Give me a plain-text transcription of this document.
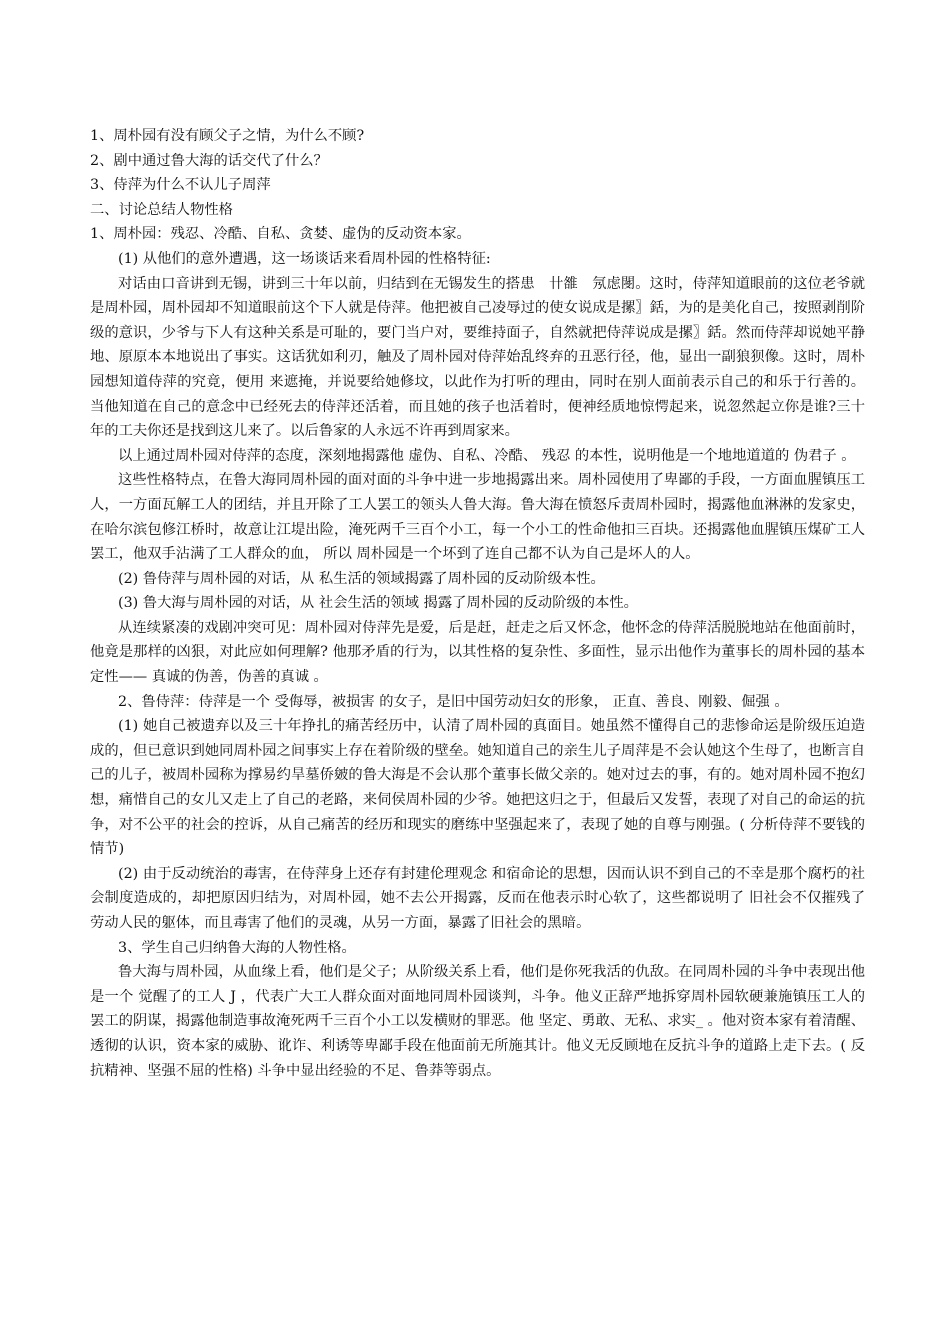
1、周朴园有没有顾父子之情，为什么不顾?
2、剧中通过鲁大海的话交代了什么？
3、侍萍为什么不认儿子周萍
二、讨论总结人物性格
1、周朴园：残忍、冷酷、自私、贪婪、虚伪的反动资本家。
(1) 从他们的意外遭遇，这一场谈话来看周朴园的性格特征:
对话由口音讲到无锡，讲到三十年以前，归结到在无锡发生的搭患　卄雒　氖虑閿。这时，侍萍知道眼前的这位老爷就是周朴园，周朴园却不知道眼前这个下人就是侍萍。他把被自己凌辱过的使女说成是摞〗銛，为的是美化自己，按照剥削阶级的意识，少爷与下人有这种关系是可耻的，要门当户对，要维持面子，自然就把侍萍说成是摞〗銛。然而侍萍却说她平静地、原原本本地说出了事实。这话犹如利刃，触及了周朴园对侍萍始乱终弃的丑恶行径，他，显出一副狼狈像。这时，周朴园想知道侍萍的究竟，便用 来遮掩，并说要给她修坟，以此作为打听的理由，同时在别人面前表示自己的和乐于行善的。当他知道在自己的意念中已经死去的侍萍还活着，而且她的孩子也活着时，便神经质地惊愕起来，说忽然起立你是谁?三十年的工夫你还是找到这儿来了。以后鲁家的人永远不许再到周家来。
以上通过周朴园对侍萍的态度，深刻地揭露他 虚伪、自私、冷酷、 残忍 的本性，说明他是一个地地道道的 伪君子 。
这些性格特点，在鲁大海同周朴园的面对面的斗争中进一步地揭露出来。周朴园使用了卑鄙的手段，一方面血腥镇压工人，一方面瓦解工人的团结，并且开除了工人罢工的领头人鲁大海。鲁大海在愤怒斥责周朴园时，揭露他血淋淋的发家史，在哈尔滨包修江桥时，故意让江堤出险，淹死两千三百个小工，每一个小工的性命他扣三百块。还揭露他血腥镇压煤矿工人罢工，他双手沾满了工人群众的血， 所以 周朴园是一个坏到了连自己都不认为自己是坏人的人。
(2) 鲁侍萍与周朴园的对话，从 私生活的领域揭露了周朴园的反动阶级本性。
(3) 鲁大海与周朴园的对话，从 社会生活的领域 揭露了周朴园的反动阶级的本性。
从连续紧凑的戏剧冲突可见：周朴园对侍萍先是爱，后是赶，赶走之后又怀念，他怀念的侍萍活脱脱地站在他面前时，他竟是那样的凶狠，对此应如何理解? 他那矛盾的行为，以其性格的复杂性、多面性，显示出他作为董事长的周朴园的基本定性—— 真诚的伪善，伪善的真诚 。
2、鲁侍萍：侍萍是一个 受侮辱，被损害 的女子，是旧中国劳动妇女的形象， 正直、善良、刚毅、倔强 。
(1) 她自己被遗弃以及三十年挣扎的痛苦经历中，认清了周朴园的真面目。她虽然不懂得自己的悲惨命运是阶级压迫造成的，但已意识到她同周朴园之间事实上存在着阶级的壁垒。她知道自己的亲生儿子周萍是不会认她这个生母了，也断言自己的儿子，被周朴园称为撑易约旱墓侨皴的鲁大海是不会认那个董事长做父亲的。她对过去的事，有的。她对周朴园不抱幻想，痛惜自己的女儿又走上了自己的老路，来伺侯周朴园的少爷。她把这归之于，但最后又发誓，表现了对自己的命运的抗争，对不公平的社会的控诉，从自己痛苦的经历和现实的磨练中坚强起来了，表现了她的自尊与刚强。( 分析侍萍不要钱的情节)
(2) 由于反动统治的毒害，在侍萍身上还存有封建伦理观念 和宿命论的思想，因而认识不到自己的不幸是那个腐朽的社会制度造成的，却把原因归结为，对周朴园，她不去公开揭露，反而在他表示时心软了，这些都说明了 旧社会不仅摧残了劳动人民的躯体，而且毒害了他们的灵魂，从另一方面，暴露了旧社会的黑暗。
3、学生自己归纳鲁大海的人物性格。
鲁大海与周朴园，从血缘上看，他们是父子；从阶级关系上看，他们是你死我活的仇敌。在同周朴园的斗争中表现出他是一个 觉醒了的工人 J ，代表广大工人群众面对面地同周朴园谈判，斗争。他义正辞严地拆穿周朴园软硬兼施镇压工人的罢工的阴谋，揭露他制造事故淹死两千三百个小工以发横财的罪恶。他 坚定、勇敢、无私、求实_ 。他对资本家有着清醒、透彻的认识，资本家的威胁、讹诈、利诱等卑鄙手段在他面前无所施其计。他义无反顾地在反抗斗争的道路上走下去。( 反抗精神、坚强不屈的性格) 斗争中显出经验的不足、鲁莽等弱点。
